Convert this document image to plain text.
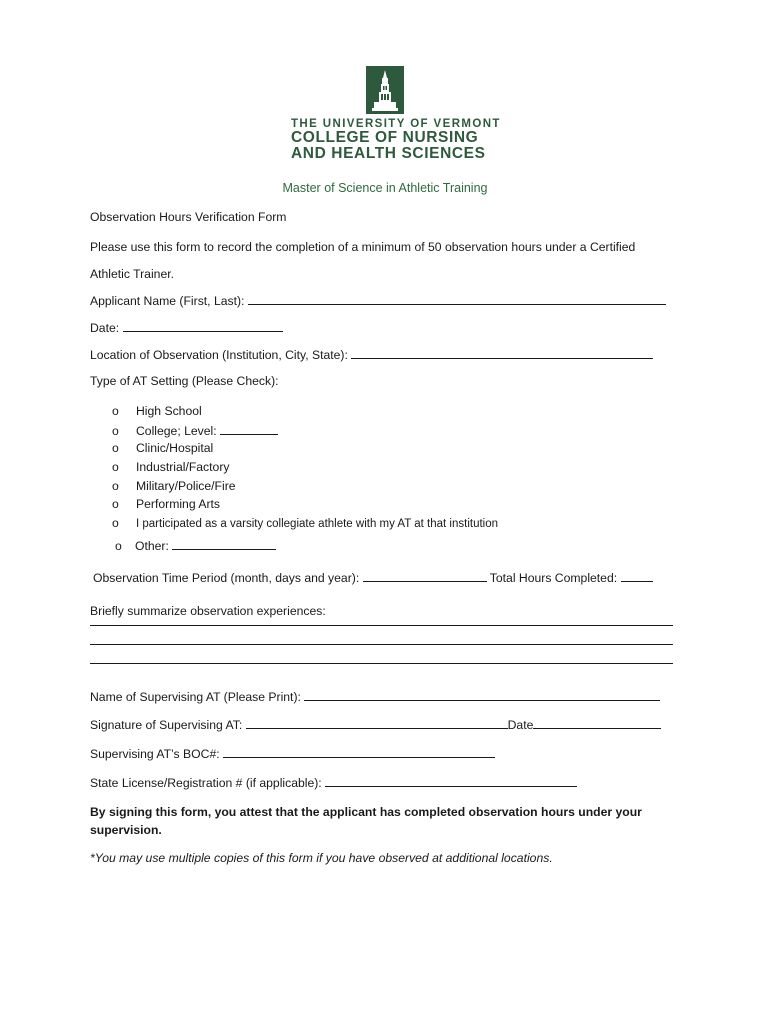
THE UNIVERSITY OF VERMONT
COLLEGE OF NURSING
AND HEALTH SCIENCES
Master of Science in Athletic Training
Observation Hours Verification Form
Please use this form to record the completion of a minimum of 50 observation hours under a Certified
Athletic Trainer.
Applicant Name (First, Last):
Date:
Location of Observation (Institution, City, State):
Type of AT Setting (Please Check):
o High School
o College; Level:
o Clinic/Hospital
o Industrial/Factory
o Military/Police/Fire
o Performing Arts
o I participated as a varsity collegiate athlete with my AT at that institution
o Other:
Observation Time Period (month, days and year):	Total Hours Completed:
Briefly summarize observation experiences:
Name of Supervising AT (Please Print):
Signature of Supervising AT:	Date
Supervising AT’s BOC#:
State License/Registration # (if applicable):
By signing this form, you attest that the applicant has completed observation hours under your
supervision.
*You may use multiple copies of this form if you have observed at additional locations.
